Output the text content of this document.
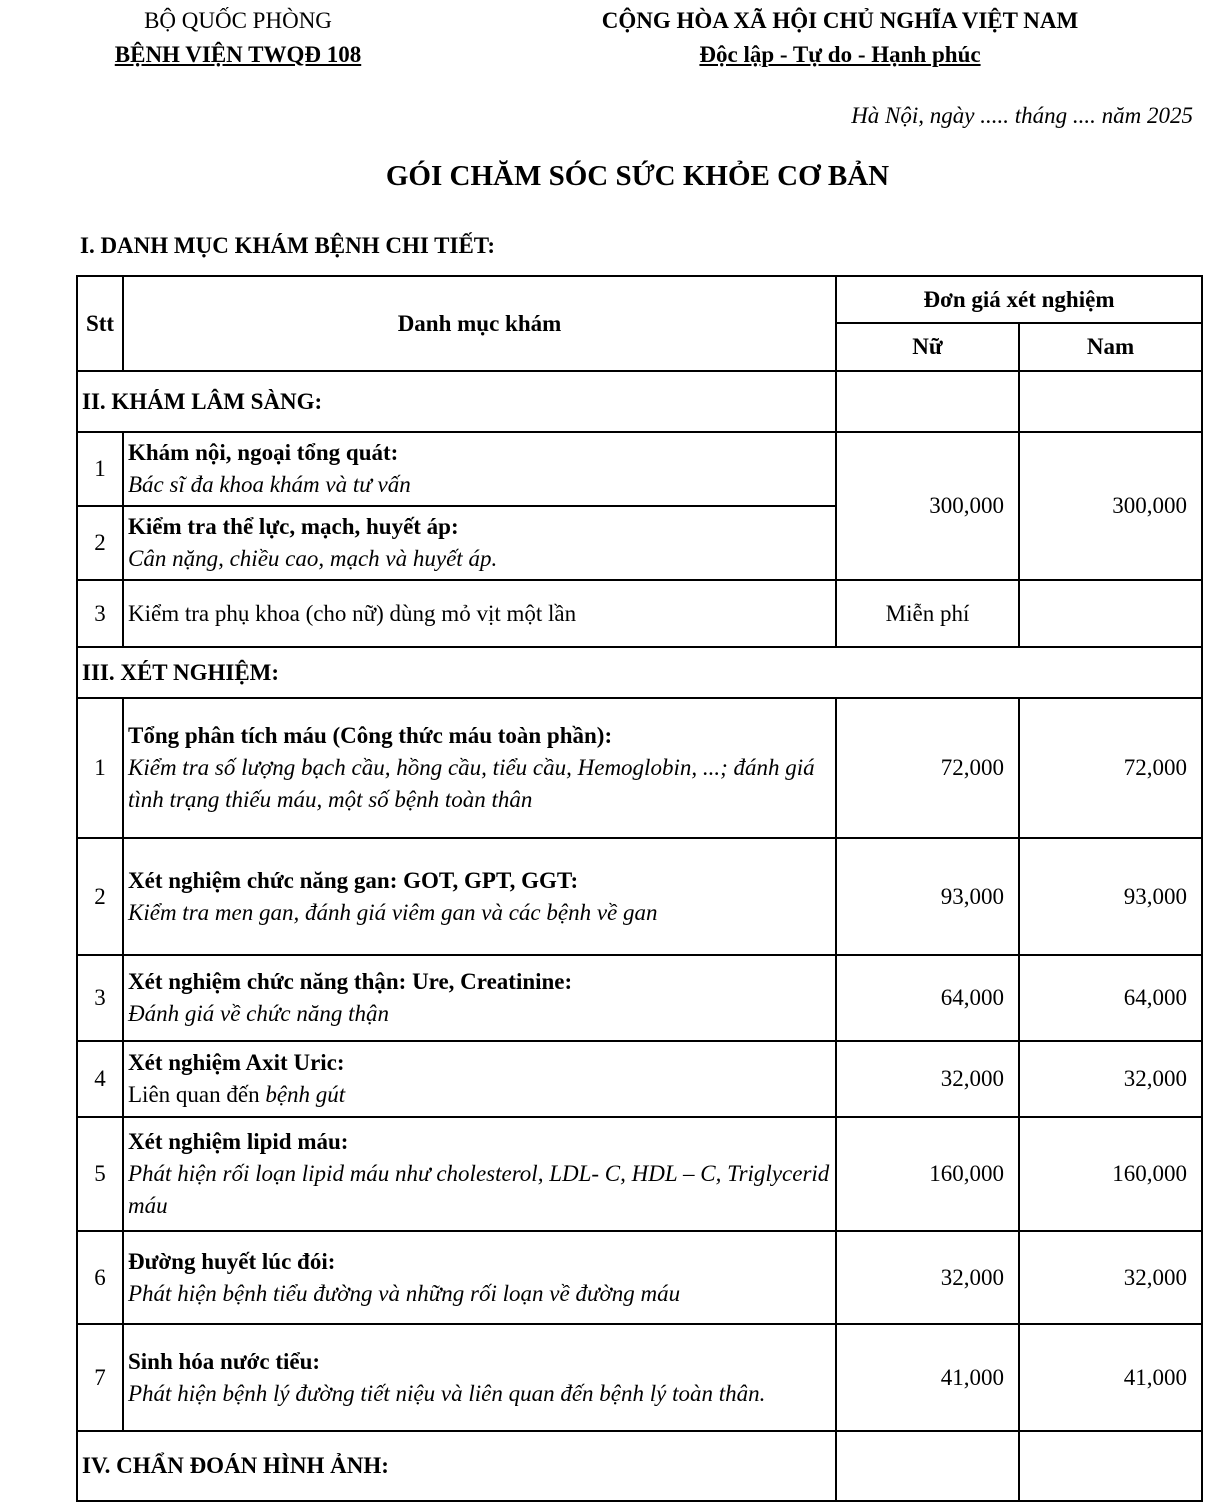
BỘ QUỐC PHÒNG
BỆNH VIỆN TWQĐ 108
CỘNG HÒA XÃ HỘI CHỦ NGHĨA VIỆT NAM
Độc lập - Tự do - Hạnh phúc
Hà Nội, ngày ..... tháng .... năm 2025
GÓI CHĂM SÓC SỨC KHỎE CƠ BẢN
I. DANH MỤC KHÁM BỆNH CHI TIẾT:
Stt	Danh mục khám	Đơn giá xét nghiệm	
		Nữ	Nam
II. KHÁM LÂM SÀNG:			
1	Khám nội, ngoại tổng quát:
Bác sĩ đa khoa khám và tư vấn	300,000	300,000
2	Kiểm tra thể lực, mạch, huyết áp:
Cân nặng, chiều cao, mạch và huyết áp.		

3	Kiểm tra phụ khoa (cho nữ) dùng mỏ vịt một lần	Miễn phí	
III. XÉT NGHIỆM:			
1	Tổng phân tích máu (Công thức máu toàn phần):
Kiểm tra số lượng bạch cầu, hồng cầu, tiểu cầu, Hemoglobin, ...; đánh giá tình trạng thiếu máu, một số bệnh toàn thân	72,000	72,000
2	Xét nghiệm chức năng gan: GOT, GPT, GGT:
Kiểm tra men gan, đánh giá viêm gan và các bệnh về gan	93,000	93,000
3	Xét nghiệm chức năng thận: Ure, Creatinine:
Đánh giá về chức năng thận	64,000	64,000
4	Xét nghiệm Axit Uric:
Liên quan đến bệnh gút	32,000	32,000
5	Xét nghiệm lipid máu:
Phát hiện rối loạn lipid máu như cholesterol, LDL- C, HDL – C, Triglycerid máu	160,000	160,000
6	Đường huyết lúc đói:
Phát hiện bệnh tiểu đường và những rối loạn về đường máu	32,000	32,000
7	Sinh hóa nước tiểu:
Phát hiện bệnh lý đường tiết niệu và liên quan đến bệnh lý toàn thân.	41,000	41,000
IV. CHẨN ĐOÁN HÌNH ẢNH:			
